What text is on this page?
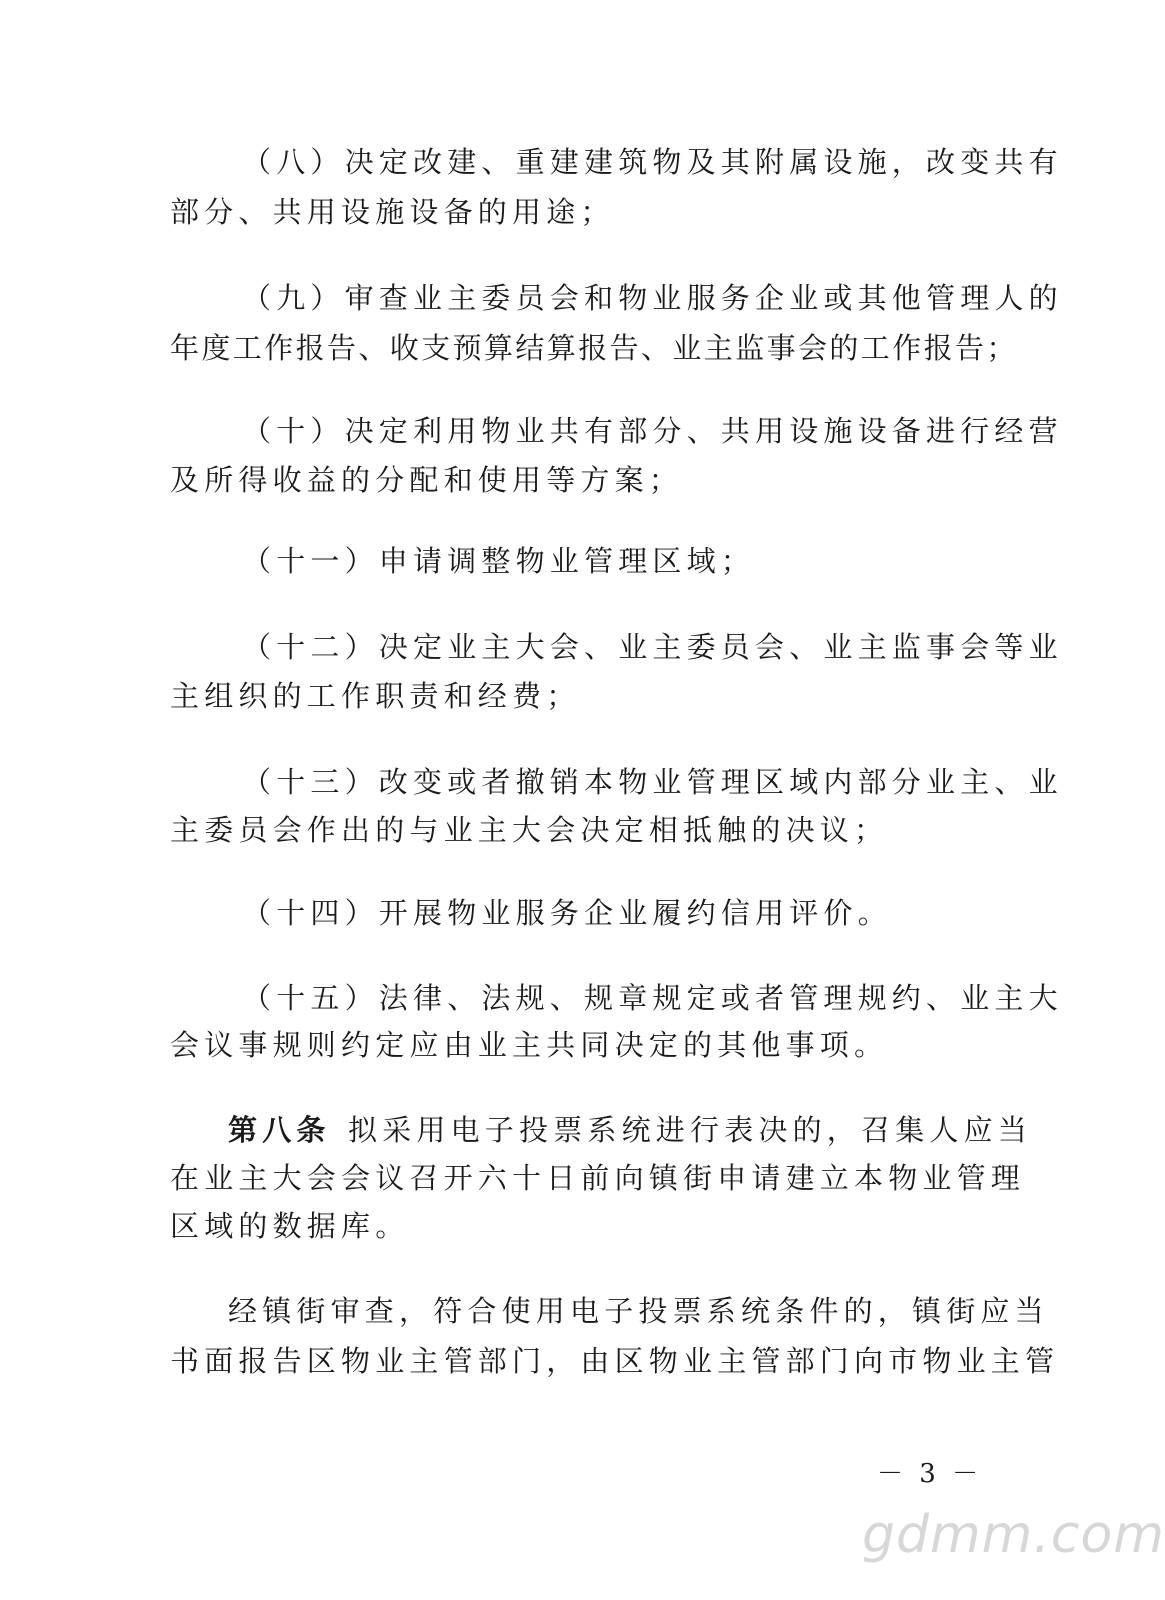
（八）决定改建、重建建筑物及其附属设施，改变共有
部分、共用设施设备的用途；
（九）审查业主委员会和物业服务企业或其他管理人的
年度工作报告、收支预算结算报告、业主监事会的工作报告；
（十）决定利用物业共有部分、共用设施设备进行经营
及所得收益的分配和使用等方案；
（十一）申请调整物业管理区域；
（十二）决定业主大会、业主委员会、业主监事会等业
主组织的工作职责和经费；
（十三）改变或者撤销本物业管理区域内部分业主、业
主委员会作出的与业主大会决定相抵触的决议；
（十四）开展物业服务企业履约信用评价。
（十五）法律、法规、规章规定或者管理规约、业主大
会议事规则约定应由业主共同决定的其他事项。
第八条 拟采用电子投票系统进行表决的，召集人应当
在业主大会会议召开六十日前向镇街申请建立本物业管理
区域的数据库。
经镇街审查，符合使用电子投票系统条件的，镇街应当
书面报告区物业主管部门，由区物业主管部门向市物业主管
－ 3 －
gdmm.com
